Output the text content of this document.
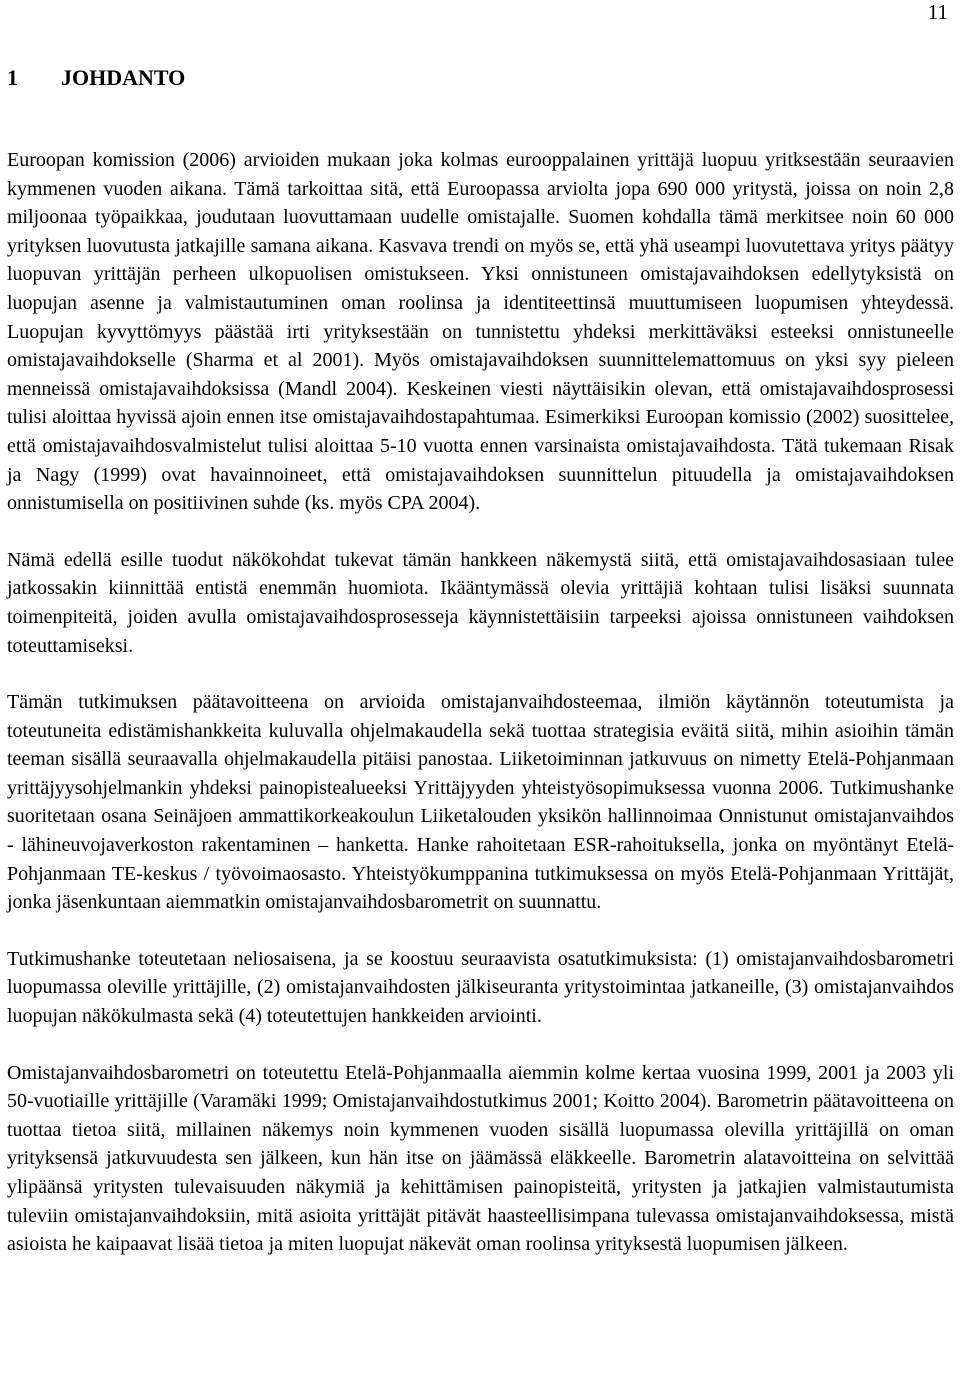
11
1 JOHDANTO

Euroopan komission (2006) arvioiden mukaan joka kolmas eurooppalainen yrittäjä luopuu yritksestään seuraavien kymmenen vuoden aikana. Tämä tarkoittaa sitä, että Euroopassa arviolta jopa 690 000 yritystä, joissa on noin 2,8 miljoonaa työpaikkaa, joudutaan luovuttamaan uudelle omistajalle. Suomen kohdalla tämä merkitsee noin 60 000 yrityksen luovutusta jatkajille samana aikana. Kasvava trendi on myös se, että yhä useampi luovutettava yritys päätyy luopuvan yrittäjän perheen ulkopuolisen omistukseen. Yksi onnistuneen omistajavaihdoksen edellytyksistä on luopujan asenne ja valmistautuminen oman roolinsa ja identiteettinsä muuttumiseen luopumisen yhteydessä. Luopujan kyvyttömyys päästää irti yrityksestään on tunnistettu yhdeksi merkittäväksi esteeksi onnistuneelle omistajavaihdokselle (Sharma et al 2001). Myös omistajavaihdoksen suunnittelemattomuus on yksi syy pieleen menneissä omistajavaihdoksissa (Mandl 2004). Keskeinen viesti näyttäisikin olevan, että omistajavaihdosprosessi tulisi aloittaa hyvissä ajoin ennen itse omistajavaihdostapahtumaa. Esimerkiksi Euroopan komissio (2002) suosittelee, että omistajavaihdosvalmistelut tulisi aloittaa 5-10 vuotta ennen varsinaista omistajavaihdosta. Tätä tukemaan Risak ja Nagy (1999) ovat havainnoineet, että omistajavaihdoksen suunnittelun pituudella ja omistajavaihdoksen onnistumisella on positiivinen suhde (ks. myös CPA 2004).

Nämä edellä esille tuodut näkökohdat tukevat tämän hankkeen näkemystä siitä, että omistajavaihdosasiaan tulee jatkossakin kiinnittää entistä enemmän huomiota. Ikääntymässä olevia yrittäjiä kohtaan tulisi lisäksi suunnata toimenpiteitä, joiden avulla omistajavaihdosprosesseja käynnistettäisiin tarpeeksi ajoissa onnistuneen vaihdoksen toteuttamiseksi.

Tämän tutkimuksen päätavoitteena on arvioida omistajanvaihdosteemaa, ilmiön käytännön toteutumista ja toteutuneita edistämishankkeita kuluvalla ohjelmakaudella sekä tuottaa strategisia eväitä siitä, mihin asioihin tämän teeman sisällä seuraavalla ohjelmakaudella pitäisi panostaa. Liiketoiminnan jatkuvuus on nimetty Etelä-Pohjanmaan yrittäjyysohjelmankin yhdeksi painopistealueeksi Yrittäjyyden yhteistyösopimuksessa vuonna 2006. Tutkimushanke suoritetaan osana Seinäjoen ammattikorkeakoulun Liiketalouden yksikön hallinnoimaa Onnistunut omistajanvaihdos - lähineuvojaverkoston rakentaminen – hanketta. Hanke rahoitetaan ESR-rahoituksella, jonka on myöntänyt Etelä-Pohjanmaan TE-keskus / työvoimaosasto. Yhteistyökumppanina tutkimuksessa on myös Etelä-Pohjanmaan Yrittäjät, jonka jäsenkuntaan aiemmatkin omistajanvaihdosbarometrit on suunnattu.

Tutkimushanke toteutetaan neliosaisena, ja se koostuu seuraavista osatutkimuksista: (1) omistajanvaihdosbarometri luopumassa oleville yrittäjille, (2) omistajanvaihdosten jälkiseuranta yritystoimintaa jatkaneille, (3) omistajanvaihdos luopujan näkökulmasta sekä (4) toteutettujen hankkeiden arviointi.

Omistajanvaihdosbarometri on toteutettu Etelä-Pohjanmaalla aiemmin kolme kertaa vuosina 1999, 2001 ja 2003 yli 50-vuotiaille yrittäjille (Varamäki 1999; Omistajanvaihdostutkimus 2001; Koitto 2004). Barometrin päätavoitteena on tuottaa tietoa siitä, millainen näkemys noin kymmenen vuoden sisällä luopumassa olevilla yrittäjillä on oman yrityksensä jatkuvuudesta sen jälkeen, kun hän itse on jäämässä eläkkeelle. Barometrin alatavoitteina on selvittää ylipäänsä yritysten tulevaisuuden näkymiä ja kehittämisen painopisteitä, yritysten ja jatkajien valmistautumista tuleviin omistajanvaihdoksiin, mitä asioita yrittäjät pitävät haasteellisimpana tulevassa omistajanvaihdoksessa, mistä asioista he kaipaavat lisää tietoa ja miten luopujat näkevät oman roolinsa yrityksestä luopumisen jälkeen.
